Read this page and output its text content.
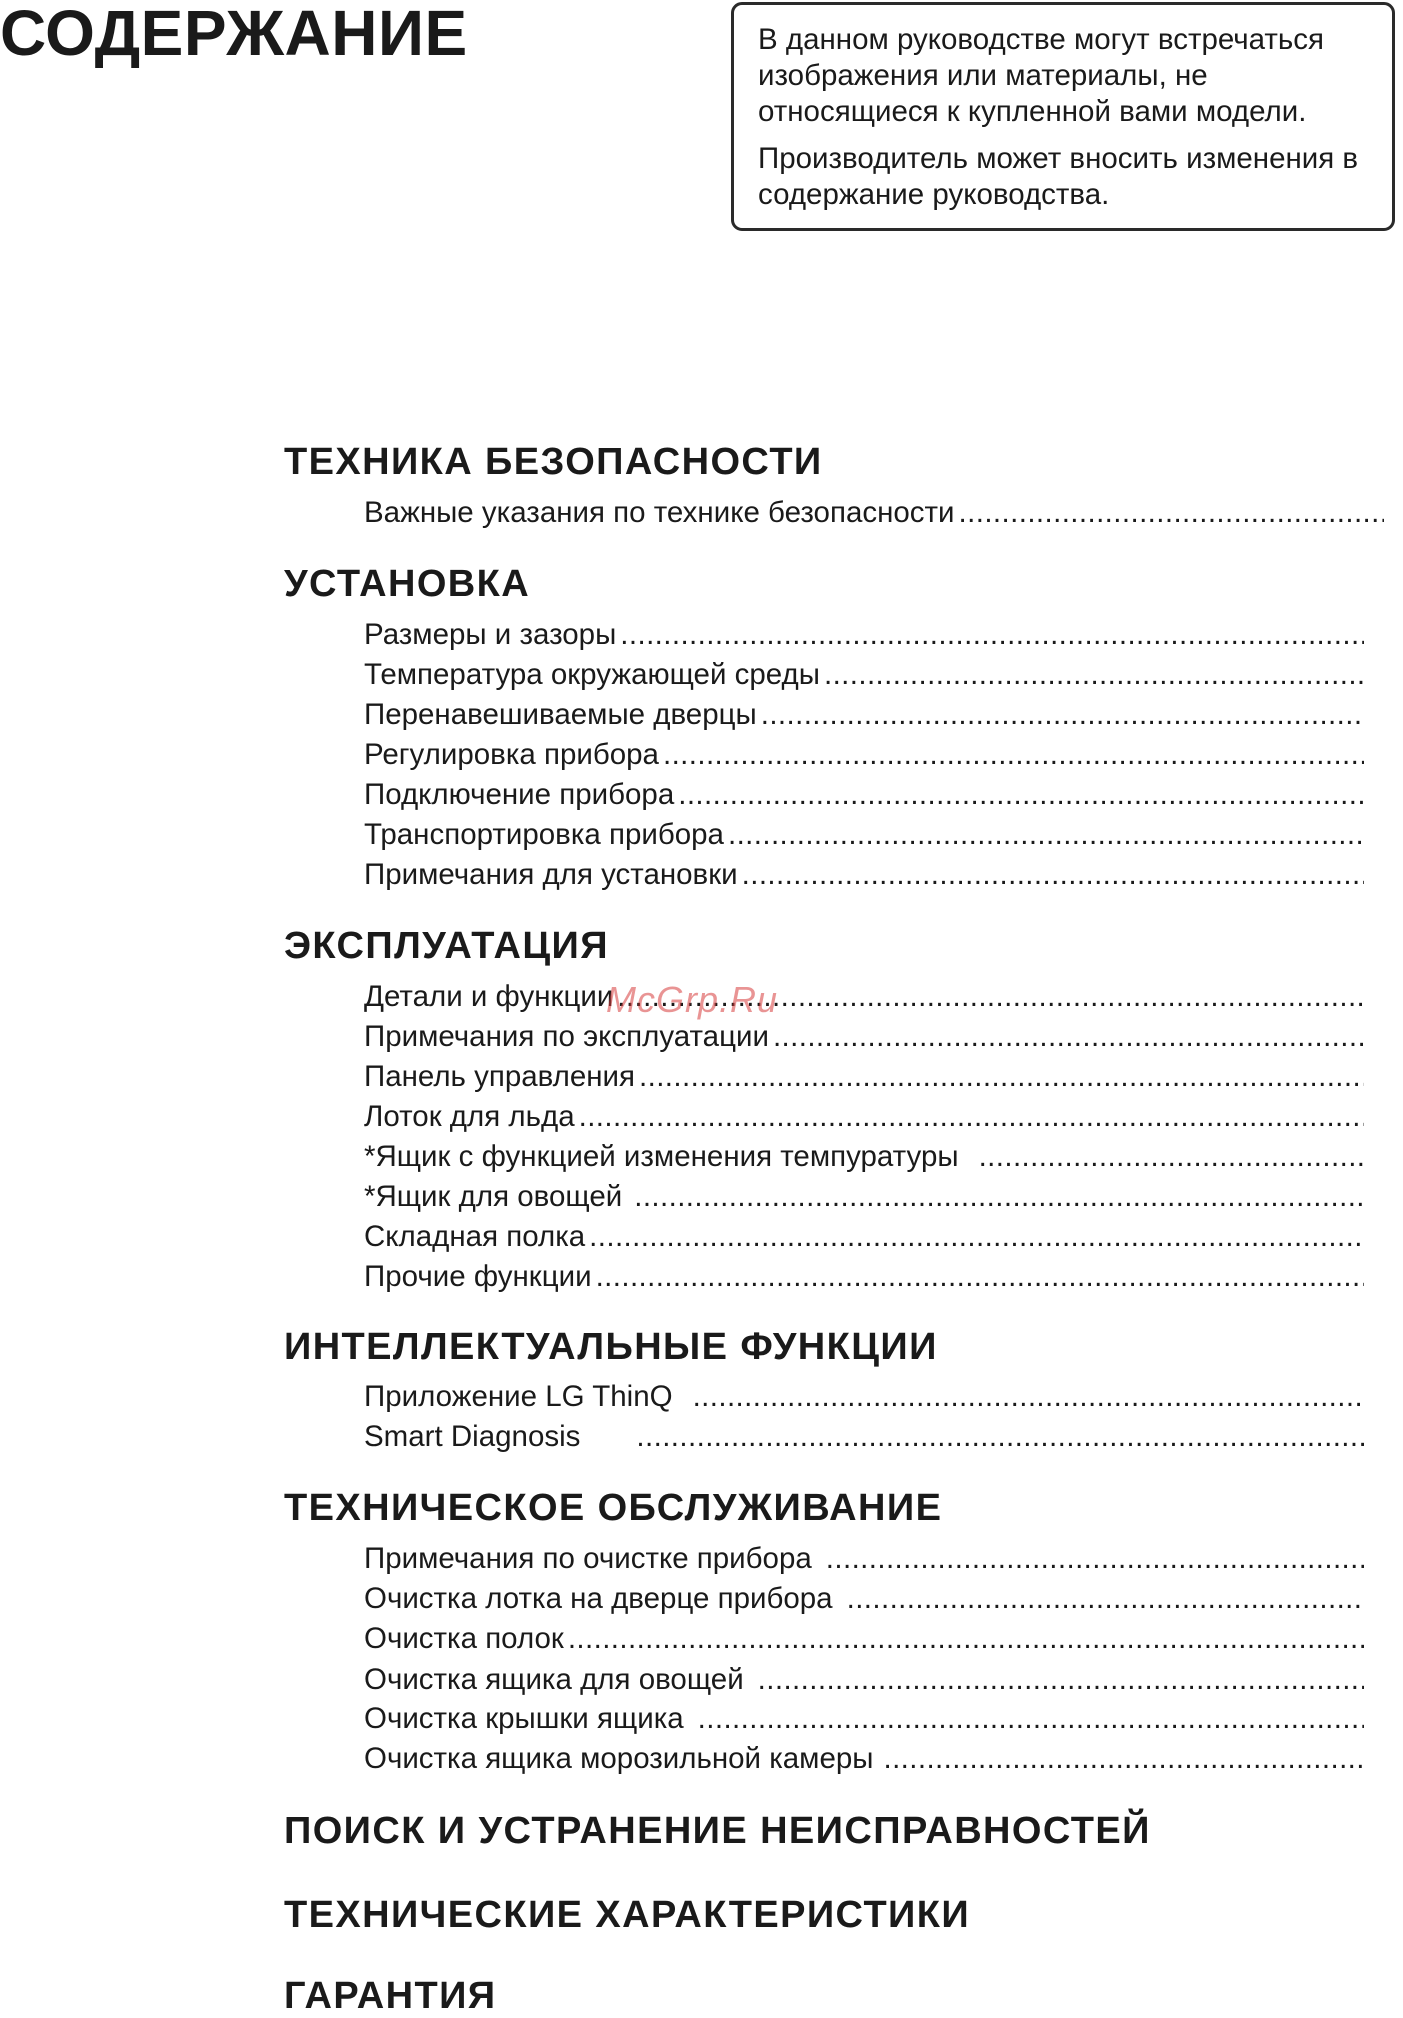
СОДЕРЖАНИЕ	В данном руководстве могут встречаться изображения или материалы, не относящиеся к купленной вами модели.

Производитель может вносить изменения в содержание руководства.

ТЕХНИКА БЕЗОПАСНОСТИ
Важные указания по технике безопасности
.....
УСТАНОВКА
Размеры и зазоры
.....
Температура окружающей среды
.....
Перенавешиваемые дверцы
.....
Регулировка прибора
.....
Подключение прибора
.....
Транспортировка прибора
.....
Примечания для установки
.....
ЭКСПЛУАТАЦИЯ
Детали и функции
.....
Примечания по эксплуатации
.....
Панель управления
.....
Лоток для льда
.....
*Ящик с функцией изменения темпуратуры
.....
*Ящик для овощей
.....
Складная полка
.....
Прочие функции
.....
ИНТЕЛЛЕКТУАЛЬНЫЕ ФУНКЦИИ
Приложение LG ThinQ
.....
Smart Diagnosis
.....
ТЕХНИЧЕСКОЕ ОБСЛУЖИВАНИЕ
Примечания по очистке прибора
.....
Очистка лотка на дверце прибора
.....
Очистка полок
.....
Очистка ящика для овощей
.....
Очистка крышки ящика
.....
Очистка ящика морозильной камеры
.....
ПОИСК И УСТРАНЕНИЕ НЕИСПРАВНОСТЕЙ
ТЕХНИЧЕСКИЕ ХАРАКТЕРИСТИКИ
ГАРАНТИЯ
McGrp.Ru
